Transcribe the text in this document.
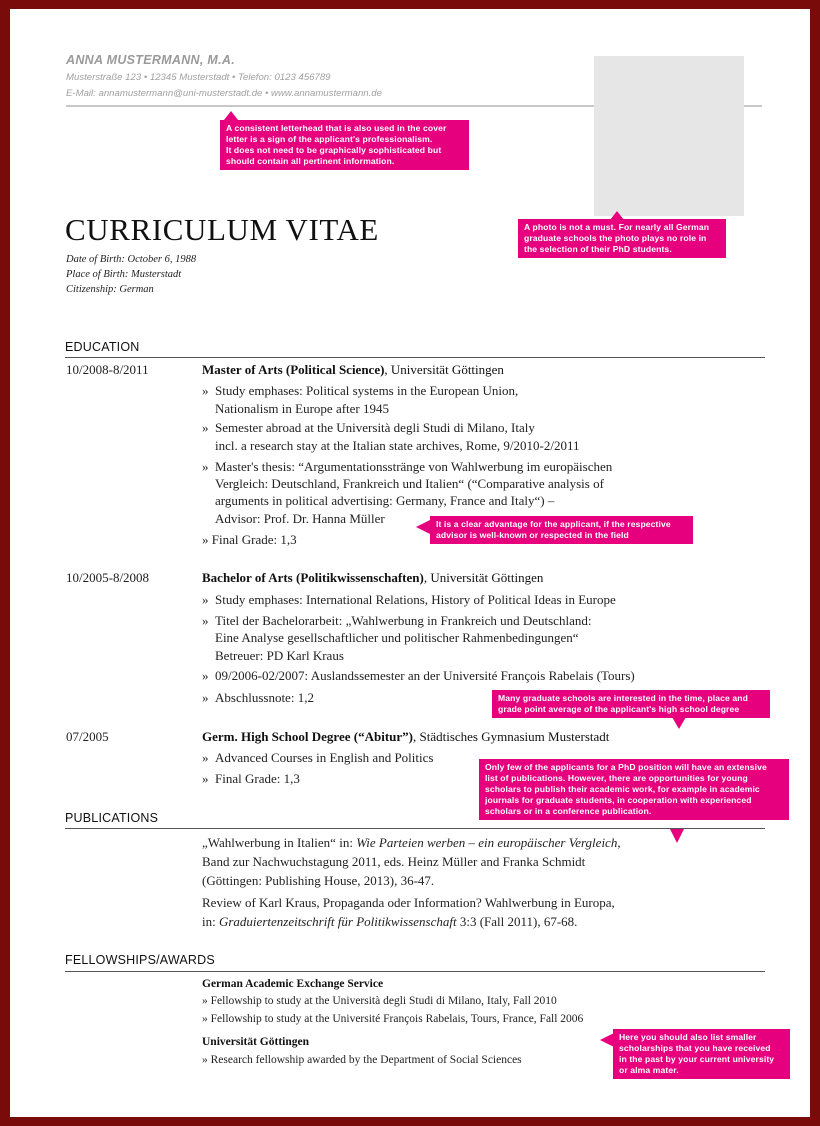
ANNA MUSTERMANN, M.A.
Musterstraße 123 • 12345 Musterstadt • Telefon: 0123 456789
E-Mail: annamustermann@uni-musterstadt.de • www.annamustermann.de
CURRICULUM VITAE
Date of Birth: October 6, 1988
Place of Birth: Musterstadt
Citizenship: German
EDUCATION
10/2008-8/2011	Master of Arts (Political Science), Universität Göttingen
» Study emphases: Political systems in the European Union,
Nationalism in Europe after 1945
» Semester abroad at the Università degli Studi di Milano, Italy
incl. a research stay at the Italian state archives, Rome, 9/2010-2/2011
» Master's thesis: “Argumentationsstränge von Wahlwerbung im europäischen
Vergleich: Deutschland, Frankreich und Italien“ (“Comparative analysis of
arguments in political advertising: Germany, France and Italy“) –
Advisor: Prof. Dr. Hanna Müller
» Final Grade: 1,3
10/2005-8/2008	Bachelor of Arts (Politikwissenschaften), Universität Göttingen
» Study emphases: International Relations, History of Political Ideas in Europe
» Titel der Bachelorarbeit: „Wahlwerbung in Frankreich und Deutschland:
Eine Analyse gesellschaftlicher und politischer Rahmenbedingungen“
Betreuer: PD Karl Kraus
» 09/2006-02/2007: Auslandssemester an der Université François Rabelais (Tours)
» Abschlussnote: 1,2
07/2005	Germ. High School Degree (“Abitur”), Städtisches Gymnasium Musterstadt
» Advanced Courses in English and Politics
» Final Grade: 1,3
PUBLICATIONS
„Wahlwerbung in Italien“ in: Wie Parteien werben – ein europäischer Vergleich,
Band zur Nachwuchstagung 2011, eds. Heinz Müller and Franka Schmidt
(Göttingen: Publishing House, 2013), 36-47.
Review of Karl Kraus, Propaganda oder Information? Wahlwerbung in Europa,
in: Graduiertenzeitschrift für Politikwissenschaft 3:3 (Fall 2011), 67-68.
FELLOWSHIPS/AWARDS
German Academic Exchange Service
» Fellowship to study at the Università degli Studi di Milano, Italy, Fall 2010
» Fellowship to study at the Université François Rabelais, Tours, France, Fall 2006
Universität Göttingen
» Research fellowship awarded by the Department of Social Sciences
A consistent letterhead that is also used in the cover
letter is a sign of the applicant's professionalism.
It does not need to be graphically sophisticated but
should contain all pertinent information.
A photo is not a must. For nearly all German
graduate schools the photo plays no role in
the selection of their PhD students.
It is a clear advantage for the applicant, if the respective
advisor is well-known or respected in the field
Many graduate schools are interested in the time, place and
grade point average of the applicant's high school degree
Only few of the applicants for a PhD position will have an extensive
list of publications. However, there are opportunities for young
scholars to publish their academic work, for example in academic
journals for graduate students, in cooperation with experienced
scholars or in a conference publication.
Here you should also list smaller
scholarships that you have received
in the past by your current university
or alma mater.
